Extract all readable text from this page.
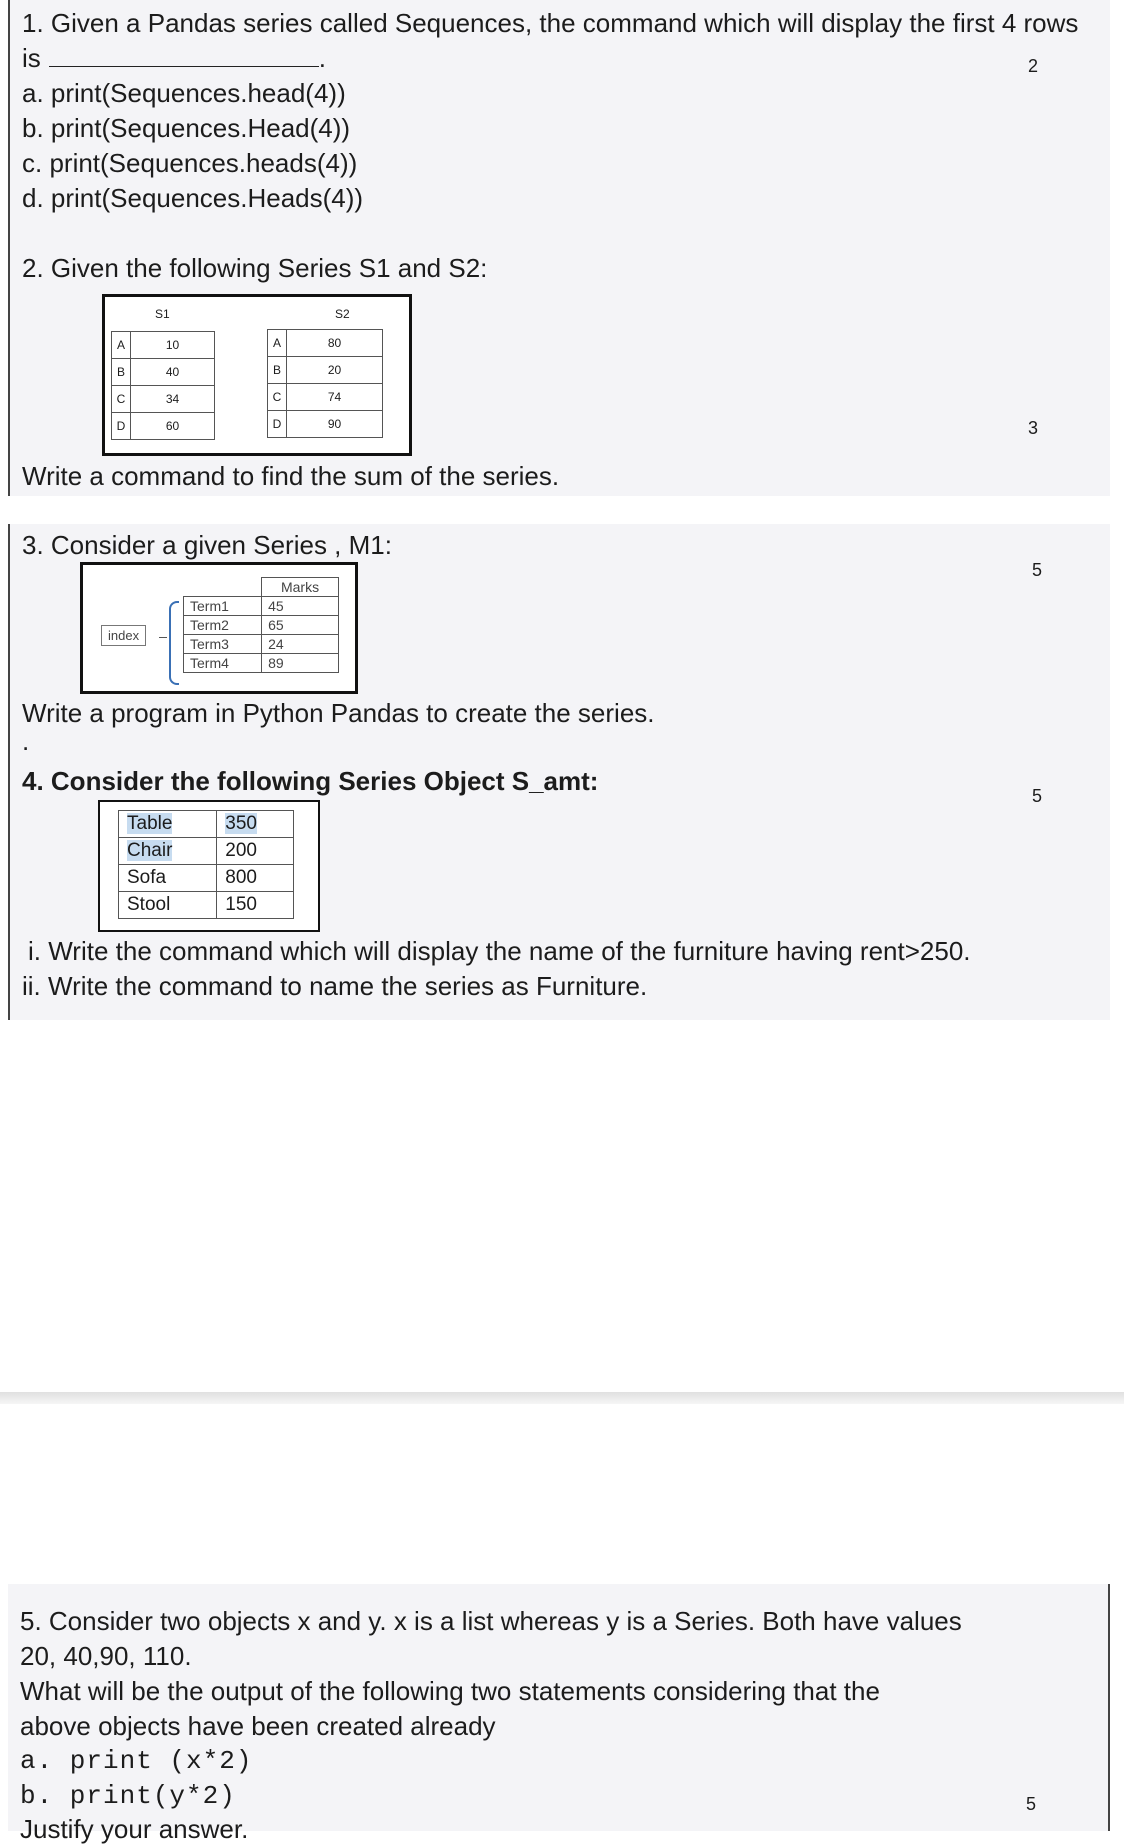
1. Given a Pandas series called Sequences, the command which will display the first 4 rows
is	.	2
a. print(Sequences.head(4))
b. print(Sequences.Head(4))
c. print(Sequences.heads(4))
d. print(Sequences.Heads(4))
2. Given the following Series S1 and S2:
S1	S2
A	10
B	40
C	34
D	60
A	80
B	20
C	74
D	90	3
Write a command to find the sum of the series.
3. Consider a given Series , M1:
5
index
	Marks
Term1	45
Term2	65
Term3	24
Term4	89
Write a program in Python Pandas to create the series.
.
4. Consider the following Series Object S_amt:	5
Table	350
Chair	200
Sofa	800
Stool	150
i. Write the command which will display the name of the furniture having rent>250.
ii. Write the command to name the series as Furniture.
5. Consider two objects x and y. x is a list whereas y is a Series. Both have values
20, 40,90, 110.
What will be the output of the following two statements considering that the
above objects have been created already
a. print (x*2)
b. print(y*2)
Justify your answer.
5
